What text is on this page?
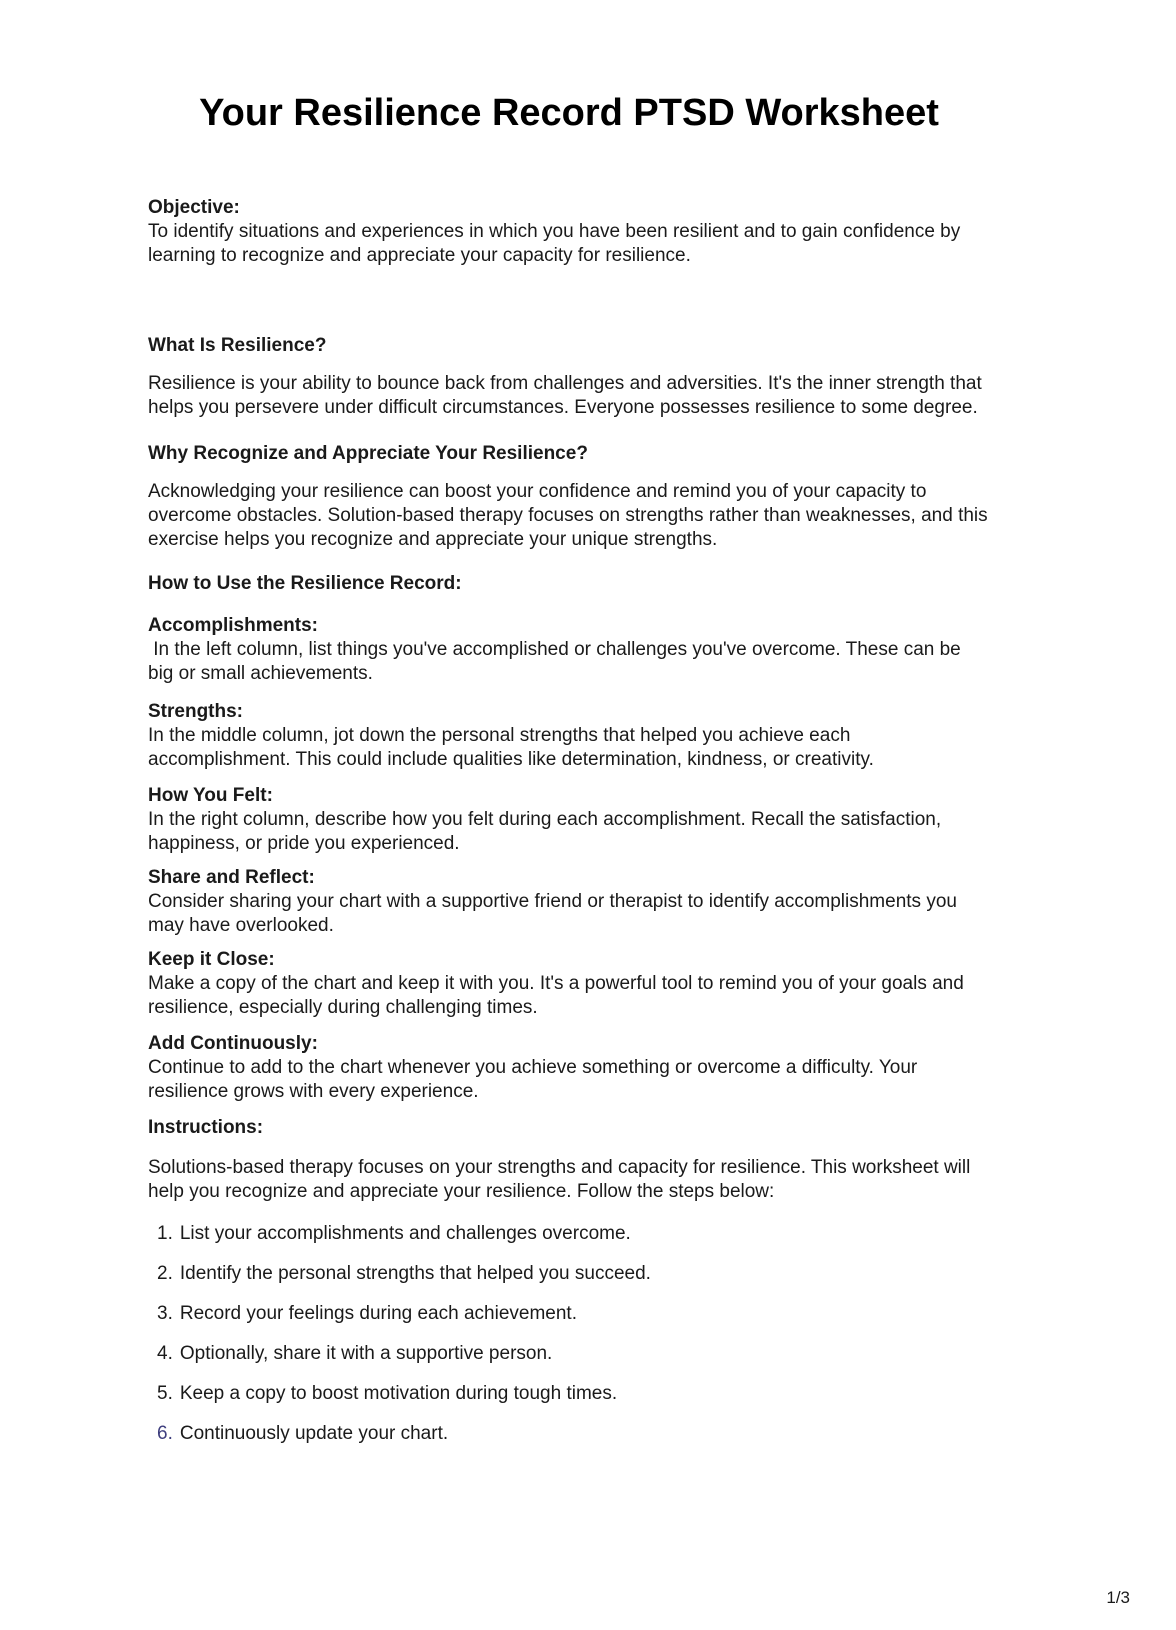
Your Resilience Record PTSD Worksheet
Objective:
To identify situations and experiences in which you have been resilient and to gain confidence by learning to recognize and appreciate your capacity for resilience.
What Is Resilience?
Resilience is your ability to bounce back from challenges and adversities. It's the inner strength that helps you persevere under difficult circumstances. Everyone possesses resilience to some degree.
Why Recognize and Appreciate Your Resilience?
Acknowledging your resilience can boost your confidence and remind you of your capacity to overcome obstacles. Solution-based therapy focuses on strengths rather than weaknesses, and this exercise helps you recognize and appreciate your unique strengths.
How to Use the Resilience Record:
Accomplishments:
In the left column, list things you've accomplished or challenges you've overcome. These can be big or small achievements.
Strengths:
In the middle column, jot down the personal strengths that helped you achieve each accomplishment. This could include qualities like determination, kindness, or creativity.
How You Felt:
In the right column, describe how you felt during each accomplishment. Recall the satisfaction, happiness, or pride you experienced.
Share and Reflect:
Consider sharing your chart with a supportive friend or therapist to identify accomplishments you may have overlooked.
Keep it Close:
Make a copy of the chart and keep it with you. It's a powerful tool to remind you of your goals and resilience, especially during challenging times.
Add Continuously:
Continue to add to the chart whenever you achieve something or overcome a difficulty. Your resilience grows with every experience.
Instructions:
Solutions-based therapy focuses on your strengths and capacity for resilience. This worksheet will help you recognize and appreciate your resilience. Follow the steps below:
1. List your accomplishments and challenges overcome.
2. Identify the personal strengths that helped you succeed.
3. Record your feelings during each achievement.
4. Optionally, share it with a supportive person.
5. Keep a copy to boost motivation during tough times.
6. Continuously update your chart.
1/3
